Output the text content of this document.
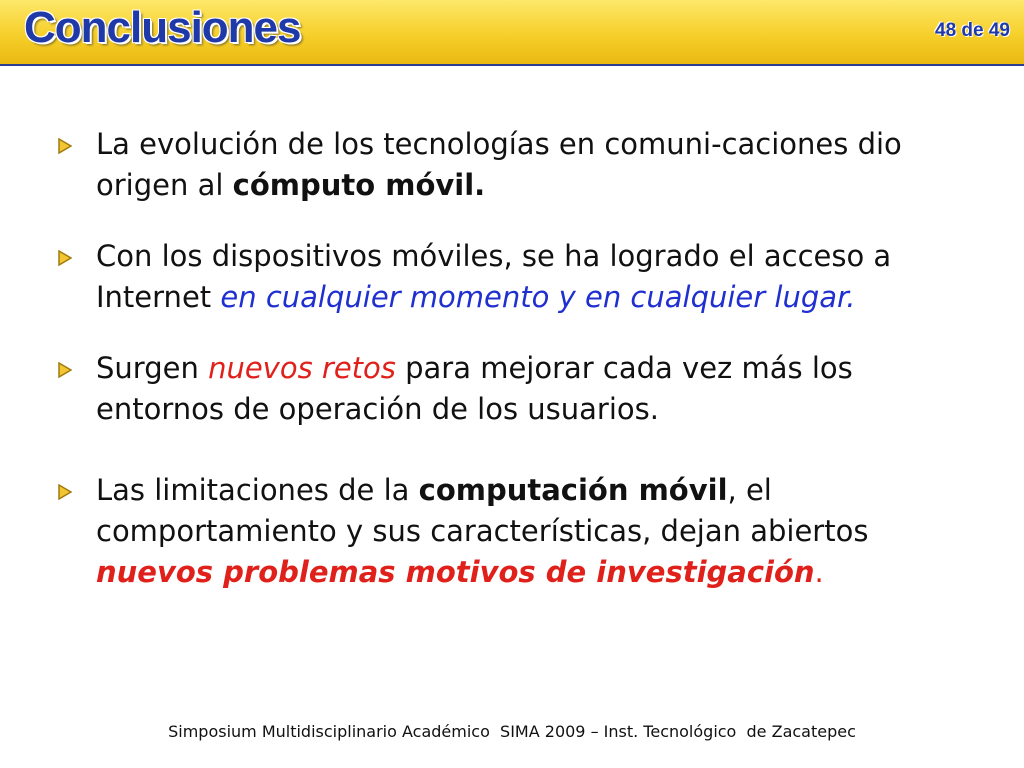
Conclusiones	48 de 49
La evolución de los tecnologías en comuni-caciones dio origen al cómputo móvil.
Con los dispositivos móviles, se ha logrado el acceso a Internet en cualquier momento y en cualquier lugar.
Surgen nuevos retos para mejorar cada vez más los entornos de operación de los usuarios.
Las limitaciones de la computación móvil, el comportamiento y sus características, dejan abiertos nuevos problemas motivos de investigación.
Simposium Multidisciplinario Académico  SIMA 2009 – Inst. Tecnológico  de Zacatepec
